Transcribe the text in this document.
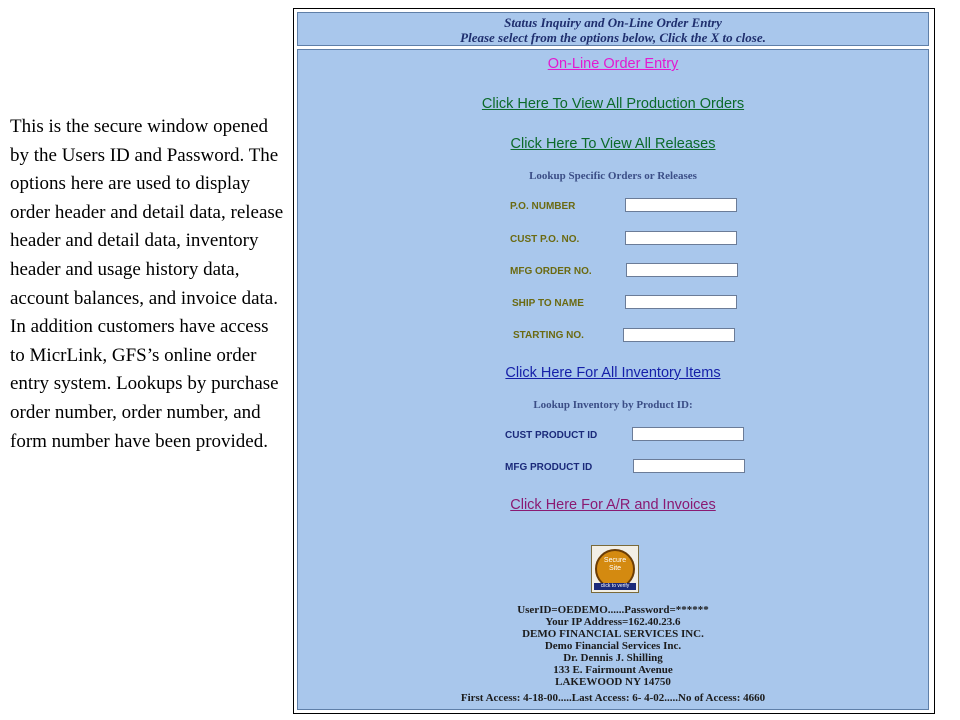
This is the secure window opened by the Users ID and Password. The options here are used to display order header and detail data, release header and detail data, inventory header and usage history data, account balances, and invoice data. In addition customers have access to MicrLink, GFS’s online order entry system. Lookups by purchase order number, order number, and form number have been provided.
Status Inquiry and On-Line Order Entry
Please select from the options below, Click the X to close.
On-Line Order Entry
Click Here To View All Production Orders
Click Here To View All Releases
Lookup Specific Orders or Releases
P.O. NUMBER
CUST P.O. NO.
MFG ORDER NO.
SHIP TO NAME
STARTING NO.
Click Here For All Inventory Items
Lookup Inventory by Product ID:
CUST PRODUCT ID
MFG PRODUCT ID
Click Here For A/R and Invoices
Secure Site
click to verify
UserID=OEDEMO......Password=******
Your IP Address=162.40.23.6
DEMO FINANCIAL SERVICES INC.
Demo Financial Services Inc.
Dr. Dennis J. Shilling
133 E. Fairmount Avenue
LAKEWOOD NY 14750
First Access: 4-18-00.....Last Access: 6- 4-02.....No of Access: 4660
